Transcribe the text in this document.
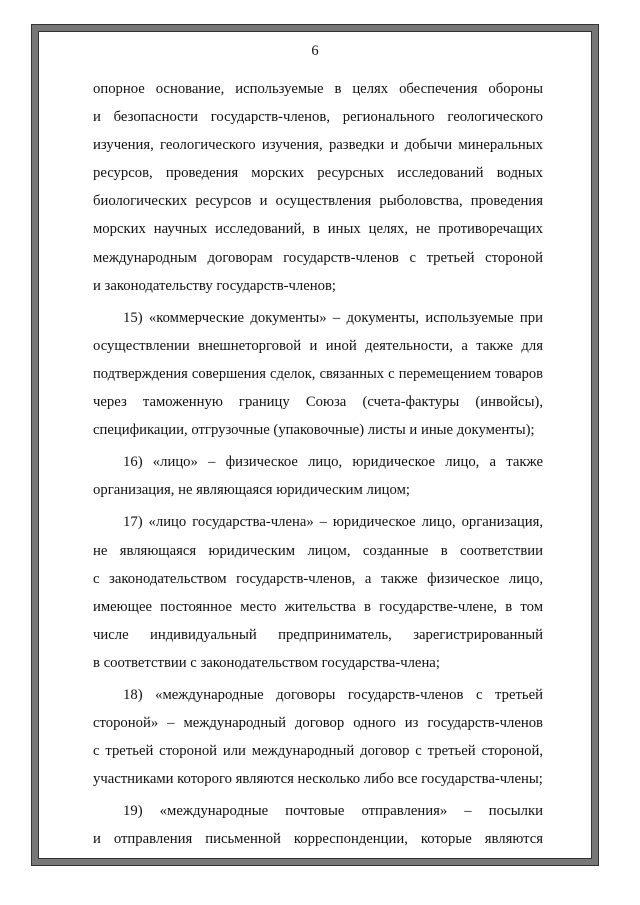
6
опорное основание, используемые в целях обеспечения обороны
и безопасности государств-членов, регионального геологического
изучения, геологического изучения, разведки и добычи минеральных
ресурсов, проведения морских ресурсных исследований водных
биологических ресурсов и осуществления рыболовства, проведения
морских научных исследований, в иных целях, не противоречащих
международным договорам государств-членов с третьей стороной
и законодательству государств-членов;
15) «коммерческие документы» – документы, используемые при
осуществлении внешнеторговой и иной деятельности, а также для
подтверждения совершения сделок, связанных с перемещением товаров
через таможенную границу Союза (счета-фактуры (инвойсы),
спецификации, отгрузочные (упаковочные) листы и иные документы);
16) «лицо» – физическое лицо, юридическое лицо, а также
организация, не являющаяся юридическим лицом;
17) «лицо государства-члена» – юридическое лицо, организация,
не являющаяся юридическим лицом, созданные в соответствии
с законодательством государств-членов, а также физическое лицо,
имеющее постоянное место жительства в государстве-члене, в том
числе индивидуальный предприниматель, зарегистрированный
в соответствии с законодательством государства-члена;
18) «международные договоры государств-членов с третьей
стороной» – международный договор одного из государств-членов
с третьей стороной или международный договор с третьей стороной,
участниками которого являются несколько либо все государства-члены;
19) «международные почтовые отправления» – посылки
и отправления письменной корреспонденции, которые являются
